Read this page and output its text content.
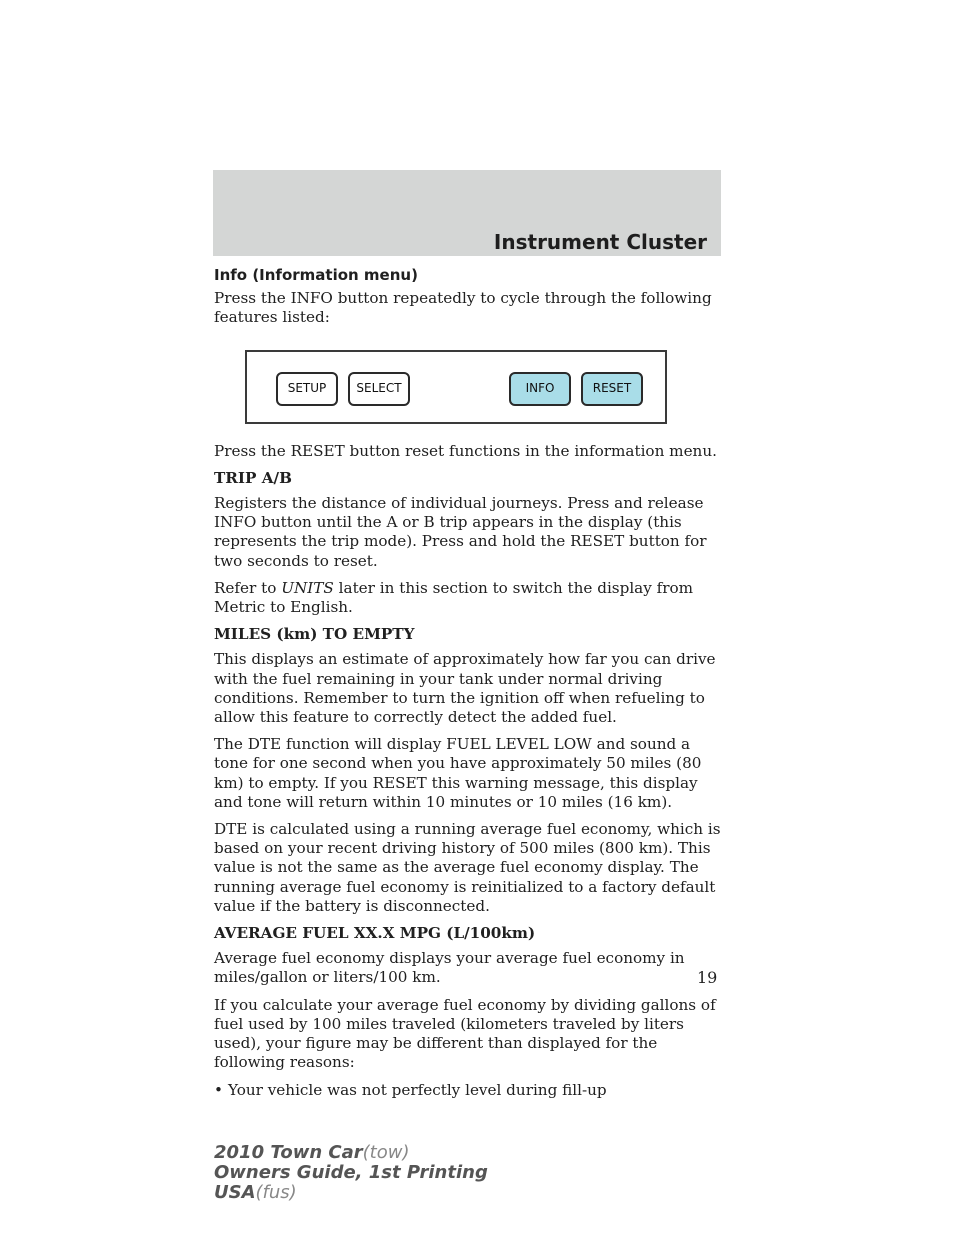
Instrument Cluster
Info (Information menu)

Press the INFO button repeatedly to cycle through the following features listed:

SETUP	SELECT	INFO	RESET

Press the RESET button reset functions in the information menu.

TRIP A/B

Registers the distance of individual journeys. Press and release INFO button until the A or B trip appears in the display (this represents the trip mode). Press and hold the RESET button for two seconds to reset.

Refer to UNITS later in this section to switch the display from Metric to English.

MILES (km) TO EMPTY

This displays an estimate of approximately how far you can drive with the fuel remaining in your tank under normal driving conditions. Remember to turn the ignition off when refueling to allow this feature to correctly detect the added fuel.

The DTE function will display FUEL LEVEL LOW and sound a tone for one second when you have approximately 50 miles (80 km) to empty. If you RESET this warning message, this display and tone will return within 10 minutes or 10 miles (16 km).

DTE is calculated using a running average fuel economy, which is based on your recent driving history of 500 miles (800 km). This value is not the same as the average fuel economy display. The running average fuel economy is reinitialized to a factory default value if the battery is disconnected.

AVERAGE FUEL XX.X MPG (L/100km)

Average fuel economy displays your average fuel economy in miles/gallon or liters/100 km.

If you calculate your average fuel economy by dividing gallons of fuel used by 100 miles traveled (kilometers traveled by liters used), your figure may be different than displayed for the following reasons:

• Your vehicle was not perfectly level during fill-up
19
2010 Town Car(tow)
Owners Guide, 1st Printing
USA(fus)
